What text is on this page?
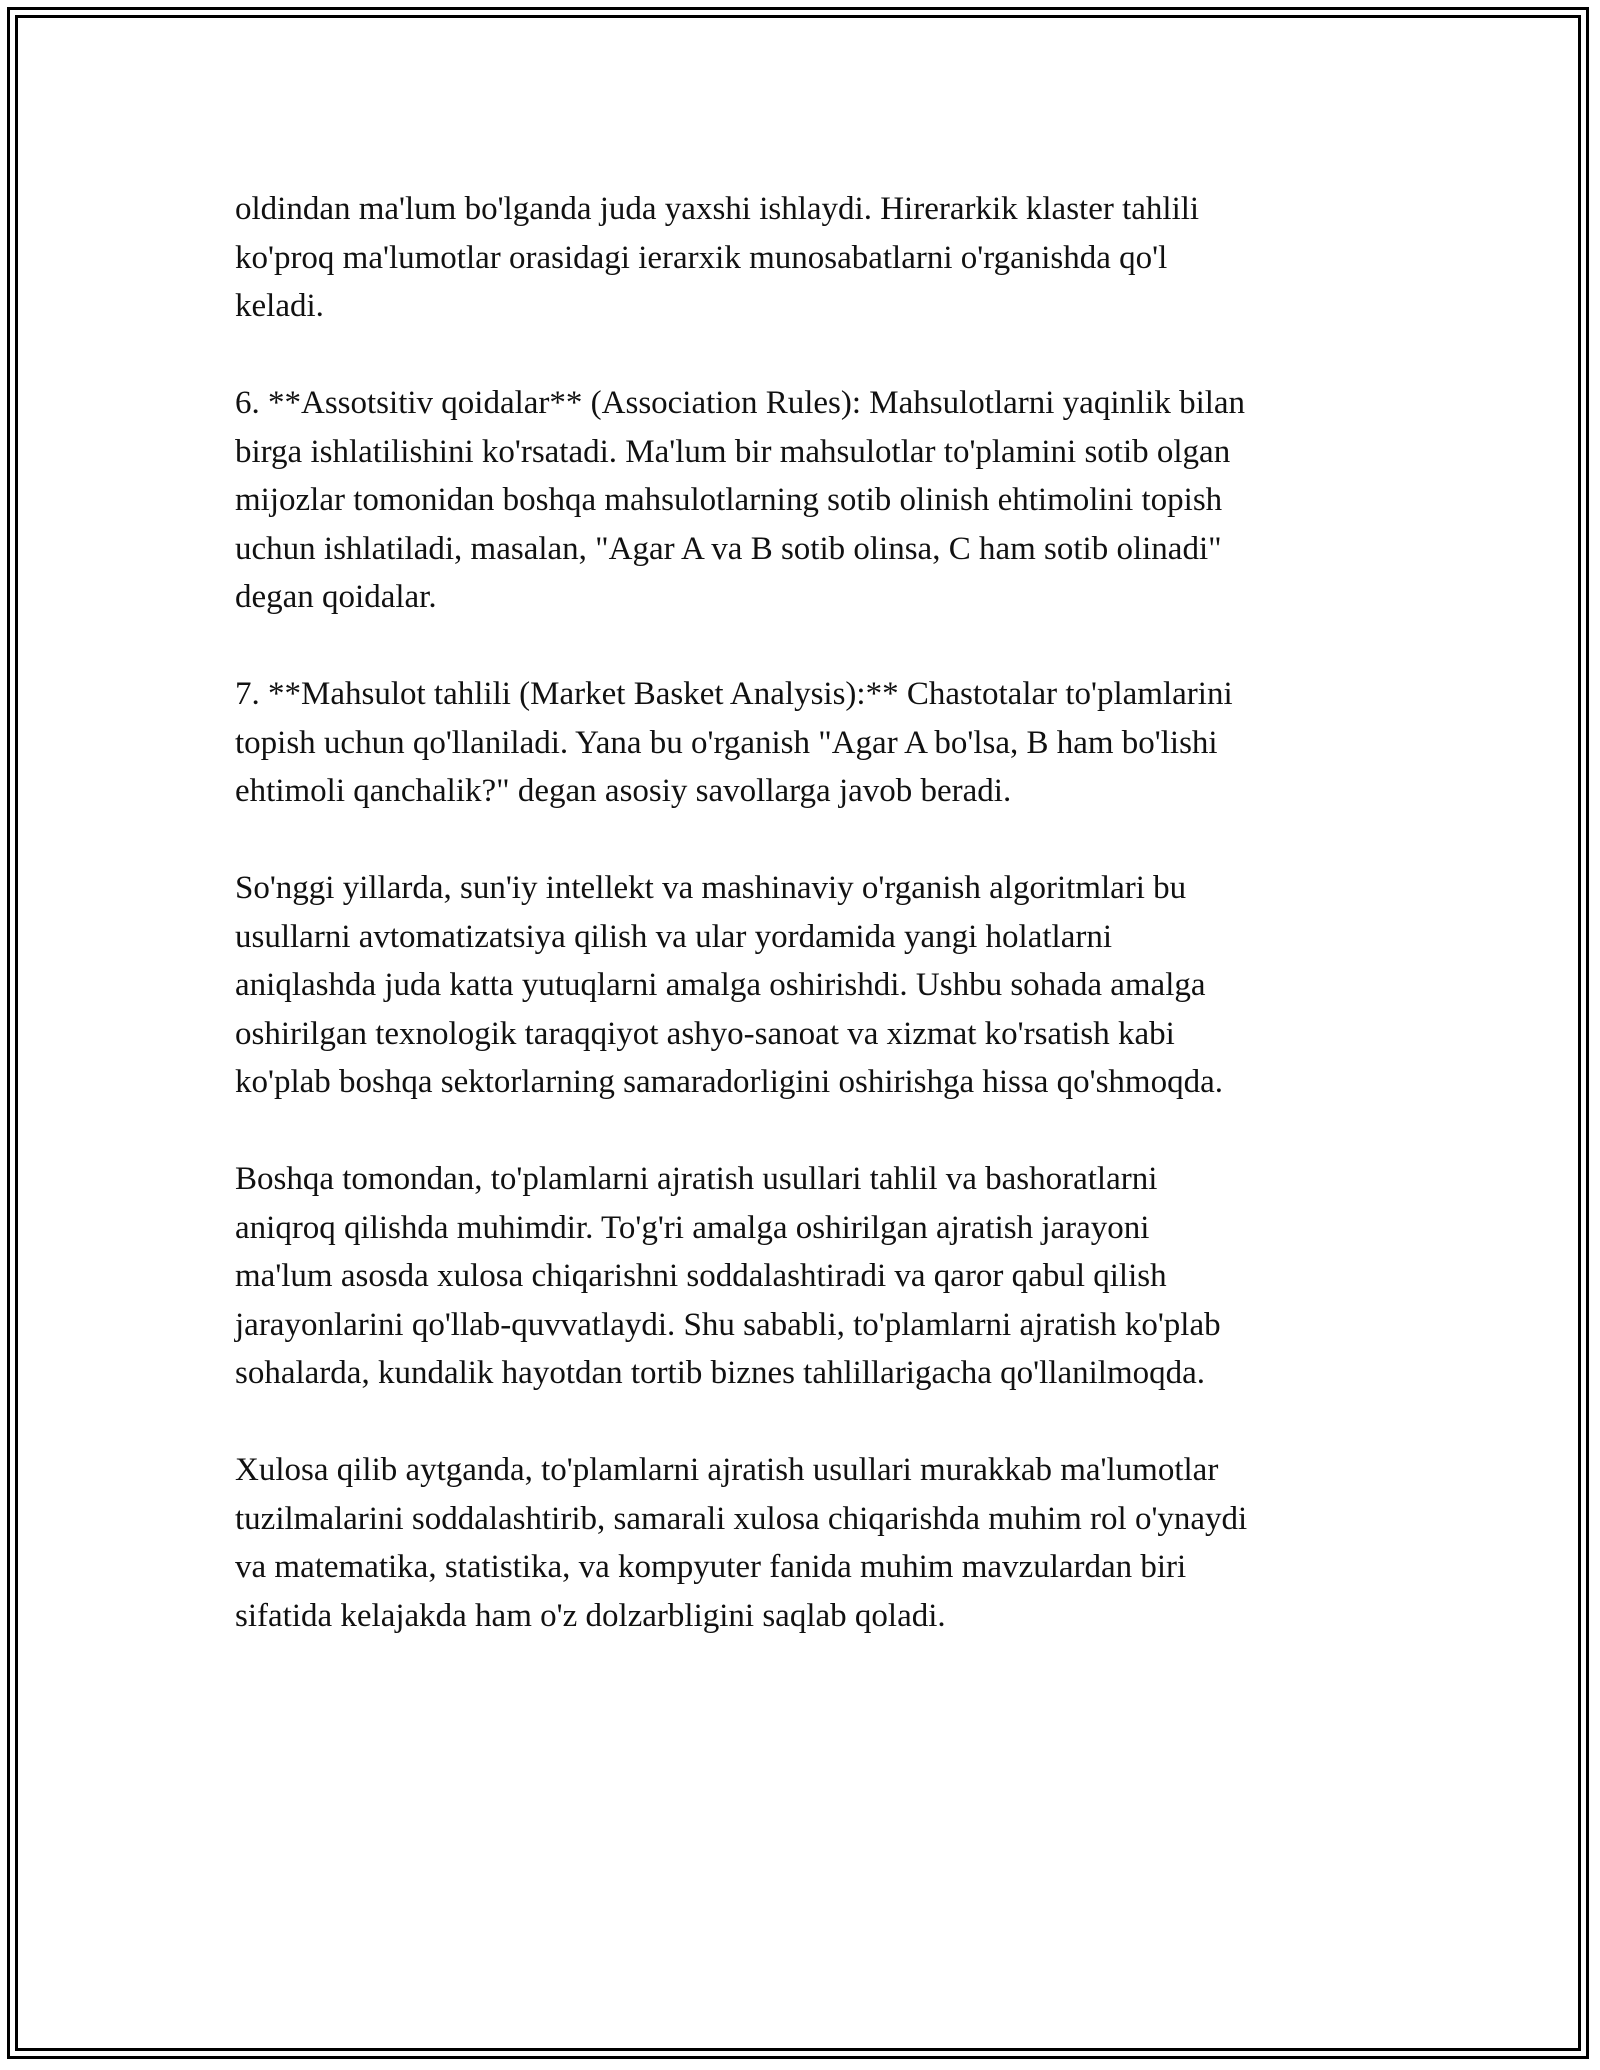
oldindan ma'lum bo'lganda juda yaxshi ishlaydi. Hirerarkik klaster tahlili
ko'proq ma'lumotlar orasidagi ierarxik munosabatlarni o'rganishda qo'l
keladi.

6. **Assotsitiv qoidalar** (Association Rules): Mahsulotlarni yaqinlik bilan
birga ishlatilishini ko'rsatadi. Ma'lum bir mahsulotlar to'plamini sotib olgan
mijozlar tomonidan boshqa mahsulotlarning sotib olinish ehtimolini topish
uchun ishlatiladi, masalan, "Agar A va B sotib olinsa, C ham sotib olinadi"
degan qoidalar.

7. **Mahsulot tahlili (Market Basket Analysis):** Chastotalar to'plamlarini
topish uchun qo'llaniladi. Yana bu o'rganish "Agar A bo'lsa, B ham bo'lishi
ehtimoli qanchalik?" degan asosiy savollarga javob beradi.

So'nggi yillarda, sun'iy intellekt va mashinaviy o'rganish algoritmlari bu
usullarni avtomatizatsiya qilish va ular yordamida yangi holatlarni
aniqlashda juda katta yutuqlarni amalga oshirishdi. Ushbu sohada amalga
oshirilgan texnologik taraqqiyot ashyo-sanoat va xizmat ko'rsatish kabi
ko'plab boshqa sektorlarning samaradorligini oshirishga hissa qo'shmoqda.

Boshqa tomondan, to'plamlarni ajratish usullari tahlil va bashoratlarni
aniqroq qilishda muhimdir. To'g'ri amalga oshirilgan ajratish jarayoni
ma'lum asosda xulosa chiqarishni soddalashtiradi va qaror qabul qilish
jarayonlarini qo'llab-quvvatlaydi. Shu sababli, to'plamlarni ajratish ko'plab
sohalarda, kundalik hayotdan tortib biznes tahlillarigacha qo'llanilmoqda.

Xulosa qilib aytganda, to'plamlarni ajratish usullari murakkab ma'lumotlar
tuzilmalarini soddalashtirib, samarali xulosa chiqarishda muhim rol o'ynaydi
va matematika, statistika, va kompyuter fanida muhim mavzulardan biri
sifatida kelajakda ham o'z dolzarbligini saqlab qoladi.
